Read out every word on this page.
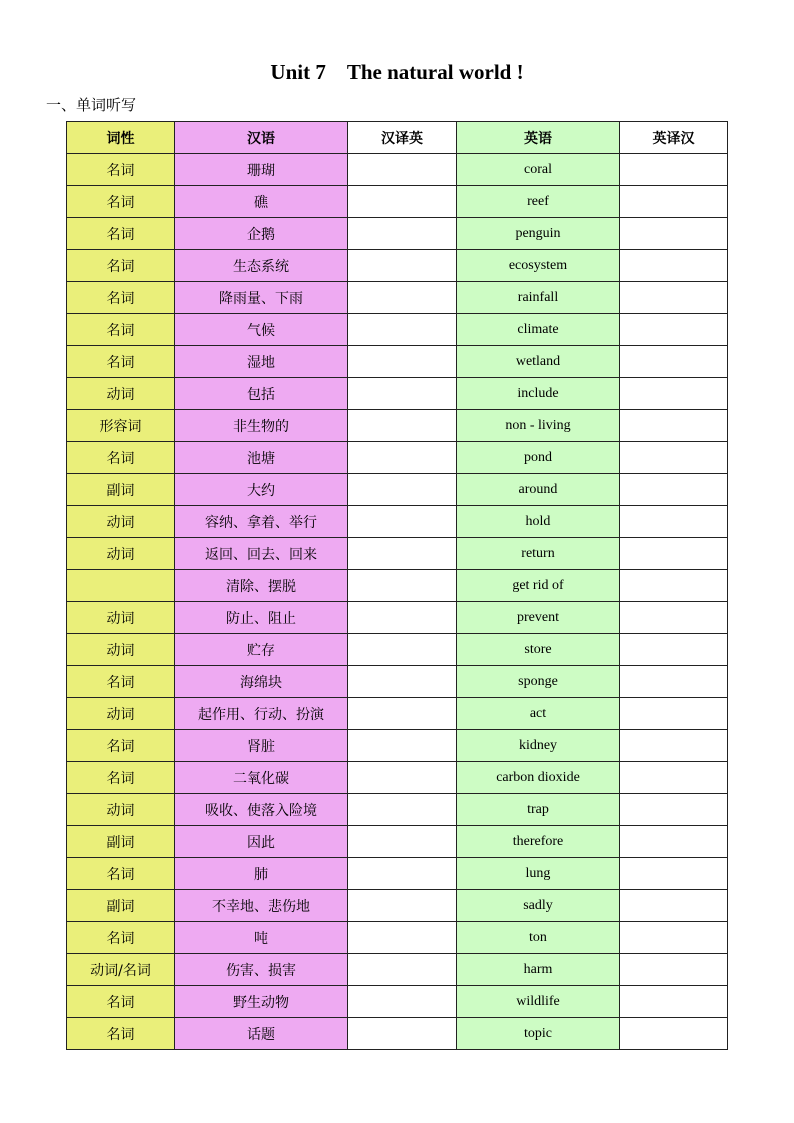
Unit 7　The natural world !
一、单词听写
词性	汉语	汉译英	英语	英译汉
名词	珊瑚		coral	
名词	礁		reef	
名词	企鹅		penguin	
名词	生态系统		ecosystem	
名词	降雨量、下雨		rainfall	
名词	气候		climate	
名词	湿地		wetland	
动词	包括		include	
形容词	非生物的		non - living	
名词	池塘		pond	
副词	大约		around	
动词	容纳、拿着、举行		hold	
动词	返回、回去、回来		return	
	清除、摆脱		get rid of	
动词	防止、阻止		prevent	
动词	贮存		store	
名词	海绵块		sponge	
动词	起作用、行动、扮演		act	
名词	肾脏		kidney	
名词	二氧化碳		carbon dioxide	
动词	吸收、使落入险境		trap	
副词	因此		therefore	
名词	肺		lung	
副词	不幸地、悲伤地		sadly	
名词	吨		ton	
动词/名词	伤害、损害		harm	
名词	野生动物		wildlife	
名词	话题		topic	
